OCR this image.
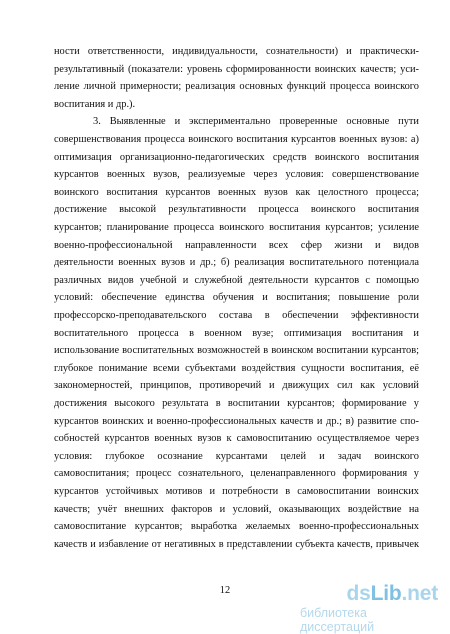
ности ответственности, индивидуальности, сознательности) и практически-
результативный (показатели: уровень сформированности воинских качеств; уси-
ление личной примерности; реализация основных функций процесса воинского
воспитания и др.).
3. Выявленные и экспериментально проверенные основные пути
совершенствования процесса воинского воспитания курсантов военных вузов: а)
оптимизация организационно-педагогических средств воинского воспитания
курсантов военных вузов, реализуемые через условия: совершенствование
воинского воспитания курсантов военных вузов как целостного процесса;
достижение высокой результативности процесса воинского воспитания
курсантов; планирование процесса воинского воспитания курсантов; усиление
военно-профессиональной направленности всех сфер жизни и видов
деятельности военных вузов и др.; б) реализация воспитательного потенциала
различных видов учебной и служебной деятельности курсантов с помощью
условий: обеспечение единства обучения и воспитания; повышение роли
профессорско-преподавательского состава в обеспечении эффективности
воспитательного процесса в военном вузе; оптимизация воспитания и
использование воспитательных возможностей в воинском воспитании курсантов;
глубокое понимание всеми субъектами воздействия сущности воспитания, её
закономерностей, принципов, противоречий и движущих сил как условий
достижения высокого результата в воспитании курсантов; формирование у
курсантов воинских и военно-профессиональных качеств и др.; в) развитие спо-
собностей курсантов военных вузов к самовоспитанию осуществляемое через
условия: глубокое осознание курсантами целей и задач воинского
самовоспитания; процесс сознательного, целенаправленного формирования у
курсантов устойчивых мотивов и потребности в самовоспитании воинских
качеств; учёт внешних факторов и условий, оказывающих воздействие на
самовоспитание курсантов; выработка желаемых военно-профессиональных
качеств и избавление от негативных в представлении субъекта качеств, привычек
12	dsLib.net
библиотека диссертаций
